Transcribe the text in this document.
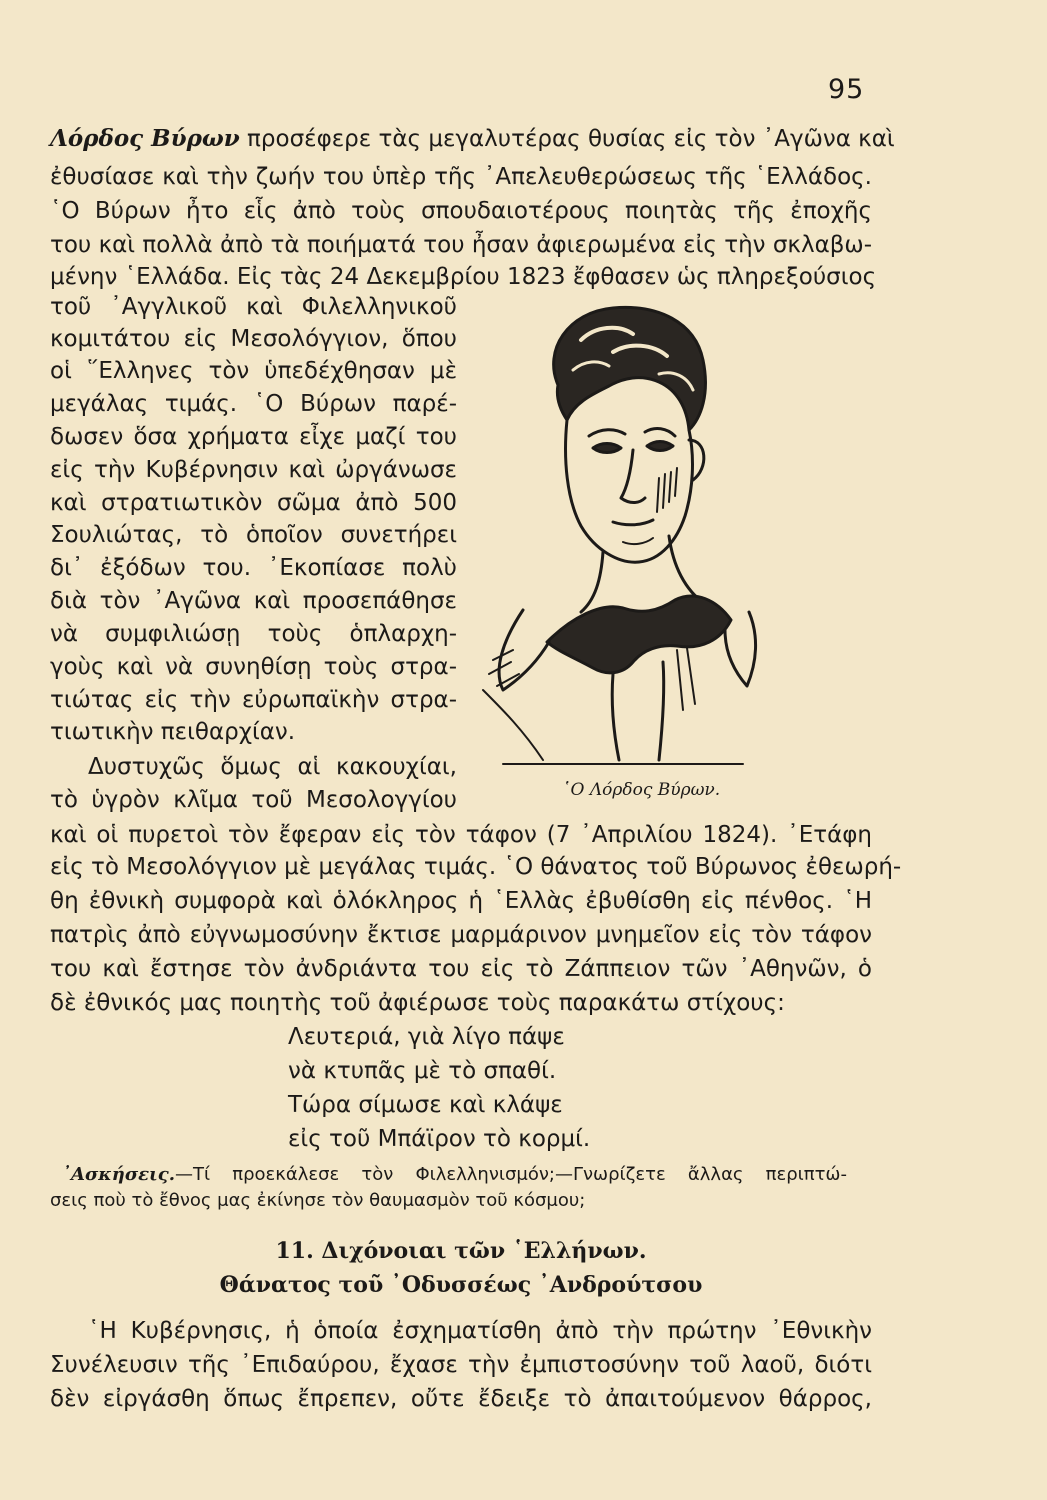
95
Λόρδος Βύρων προσέφερε τὰς μεγαλυτέρας θυσίας εἰς τὸν ᾿Αγῶνα καὶ
ἐθυσίασε καὶ τὴν ζωήν του ὑπὲρ τῆς ᾿Απελευθερώσεως τῆς ῾Ελλάδος.
῾Ο Βύρων ἦτο εἷς ἀπὸ τοὺς σπουδαιοτέρους ποιητὰς τῆς ἐποχῆς
του καὶ πολλὰ ἀπὸ τὰ ποιήματά του ἦσαν ἀφιερωμένα εἰς τὴν σκλαβω-
μένην ῾Ελλάδα. Εἰς τὰς 24 Δεκεμβρίου 1823 ἔφθασεν ὡς πληρεξούσιος
τοῦ ᾿Αγγλικοῦ καὶ Φιλελληνικοῦ
κομιτάτου εἰς Μεσολόγγιον, ὅπου
οἱ ῞Ελληνες τὸν ὑπεδέχθησαν μὲ
μεγάλας τιμάς. ῾Ο Βύρων παρέ-
δωσεν ὅσα χρήματα εἶχε μαζί του
εἰς τὴν Κυβέρνησιν καὶ ὠργάνωσε
καὶ στρατιωτικὸν σῶμα ἀπὸ 500
Σουλιώτας, τὸ ὁποῖον συνετήρει
δι᾿ ἐξόδων του. ᾿Εκοπίασε πολὺ
διὰ τὸν ᾿Αγῶνα καὶ προσεπάθησε
νὰ συμφιλιώσῃ τοὺς ὁπλαρχη-
γοὺς καὶ νὰ συνηθίσῃ τοὺς στρα-
τιώτας εἰς τὴν εὐρωπαϊκὴν στρα-
τιωτικὴν πειθαρχίαν.
Δυστυχῶς ὅμως αἱ κακουχίαι,
τὸ ὑγρὸν κλῖμα τοῦ Μεσολογγίου	῾Ο Λόρδος Βύρων.
καὶ οἱ πυρετοὶ τὸν ἔφεραν εἰς τὸν τάφον (7 ᾿Απριλίου 1824). ᾿Ετάφη
εἰς τὸ Μεσολόγγιον μὲ μεγάλας τιμάς. ῾Ο θάνατος τοῦ Βύρωνος ἐθεωρή-
θη ἐθνικὴ συμφορὰ καὶ ὁλόκληρος ἡ ῾Ελλὰς ἐβυθίσθη εἰς πένθος. ῾Η
πατρὶς ἀπὸ εὐγνωμοσύνην ἔκτισε μαρμάρινον μνημεῖον εἰς τὸν τάφον
του καὶ ἔστησε τὸν ἀνδριάντα του εἰς τὸ Ζάππειον τῶν ᾿Αθηνῶν, ὁ
δὲ ἐθνικός μας ποιητὴς τοῦ ἀφιέρωσε τοὺς παρακάτω στίχους:
Λευτεριά, γιὰ λίγο πάψε
νὰ κτυπᾶς μὲ τὸ σπαθί.
Τώρα σίμωσε καὶ κλάψε
εἰς τοῦ Μπάϊρον τὸ κορμί.
᾿Ασκήσεις.—Τί προεκάλεσε τὸν Φιλελληνισμόν;—Γνωρίζετε ἄλλας περιπτώ-
σεις ποὺ τὸ ἔθνος μας ἐκίνησε τὸν θαυμασμὸν τοῦ κόσμου;
11. Διχόνοιαι τῶν ῾Ελλήνων.
Θάνατος τοῦ ᾿Οδυσσέως ᾿Ανδρούτσου
῾Η Κυβέρνησις, ἡ ὁποία ἐσχηματίσθη ἀπὸ τὴν πρώτην ᾿Εθνικὴν
Συνέλευσιν τῆς ᾿Επιδαύρου, ἔχασε τὴν ἐμπιστοσύνην τοῦ λαοῦ, διότι
δὲν εἰργάσθη ὅπως ἔπρεπεν, οὔτε ἔδειξε τὸ ἀπαιτούμενον θάρρος,
